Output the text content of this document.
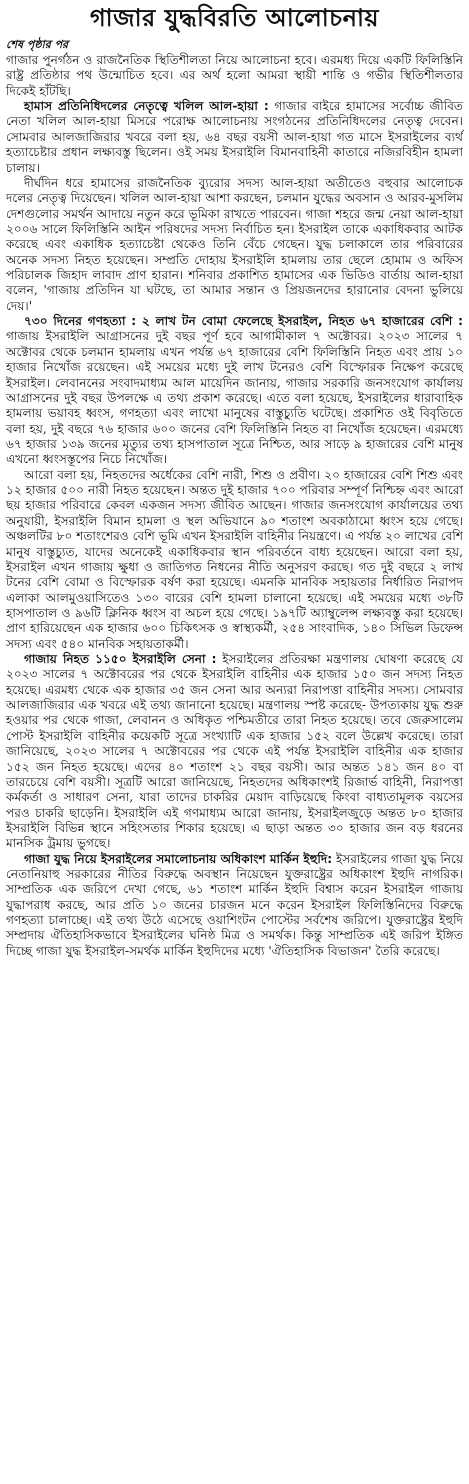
গাজার যুদ্ধবিরতি আলোচনায়
শেষ পৃষ্ঠার পর

গাজার পুনর্গঠন ও রাজনৈতিক স্থিতিশীলতা নিয়ে আলোচনা হবে। এরমধ্য দিয়ে একটি ফিলিস্তিনি রাষ্ট্র প্রতিষ্ঠার পথ উন্মোচিত হবে। এর অর্থ হলো আমরা স্থায়ী শান্তি ও গভীর স্থিতিশীলতার দিকেই হাঁটছি।

হামাস প্রতিনিধিদলের নেতৃত্বে খলিল আল-হায়া : গাজার বাইরে হামাসের সর্বোচ্চ জীবিত নেতা খলিল আল-হায়া মিসরে পরোক্ষ আলোচনায় সংগঠনের প্রতিনিধিদলের নেতৃত্ব দেবেন। সোমবার আলজাজিরার খবরে বলা হয়, ৬৪ বছর বয়সী আল-হায়া গত মাসে ইসরাইলের ব্যর্থ হত্যাচেষ্টার প্রধান লক্ষ্যবস্তু ছিলেন। ওই সময় ইসরাইলি বিমানবাহিনী কাতারে নজিরবিহীন হামলা চালায়।

দীর্ঘদিন ধরে হামাসের রাজনৈতিক ব্যুরোর সদস্য আল-হায়া অতীতেও বহুবার আলোচক দলের নেতৃত্ব দিয়েছেন। খলিল আল-হায়া আশা করছেন, চলমান যুদ্ধের অবসান ও আরব-মুসলিম দেশগুলোর সমর্থন আদায়ে নতুন করে ভূমিকা রাখতে পারবেন। গাজা শহরে জন্ম নেয়া আল-হায়া ২০০৬ সালে ফিলিস্তিনি আইন পরিষদের সদস্য নির্বাচিত হন। ইসরাইল তাকে একাধিকবার আটক করেছে এবং একাধিক হত্যাচেষ্টা থেকেও তিনি বেঁচে গেছেন। যুদ্ধ চলাকালে তার পরিবারের অনেক সদস্য নিহত হয়েছেন। সম্প্রতি দোহায় ইসরাইলি হামলায় তার ছেলে হোমাম ও অফিস পরিচালক জিহাদ লাবাদ প্রাণ হারান। শনিবার প্রকাশিত হামাসের এক ভিডিও বার্তায় আল-হায়া বলেন, 'গাজায় প্রতিদিন যা ঘটছে, তা আমার সন্তান ও প্রিয়জনদের হারানোর বেদনা ভুলিয়ে দেয়।'

৭৩০ দিনের গণহত্যা : ২ লাখ টন বোমা ফেলেছে ইসরাইল, নিহত ৬৭ হাজারের বেশি : গাজায় ইসরাইলি আগ্রাসনের দুই বছর পূর্ণ হবে আগামীকাল ৭ অক্টোবর। ২০২৩ সালের ৭ অক্টোবর থেকে চলমান হামলায় এখন পর্যন্ত ৬৭ হাজারের বেশি ফিলিস্তিনি নিহত এবং প্রায় ১০ হাজার নিখোঁজ রয়েছেন। এই সময়ের মধ্যে দুই লাখ টনেরও বেশি বিস্ফোরক নিক্ষেপ করেছে ইসরাইল। লেবাননের সংবাদমাধ্যম আল মায়েদিন জানায়, গাজার সরকারি জনসংযোগ কার্যালয় আগ্রাসনের দুই বছর উপলক্ষে এ তথ্য প্রকাশ করেছে। এতে বলা হয়েছে, ইসরাইলের ধারাবাহিক হামলায় ভয়াবহ ধ্বংস, গণহত্যা এবং লাখো মানুষের বাস্তুচ্যুতি ঘটেছে। প্রকাশিত ওই বিবৃতিতে বলা হয়, দুই বছরে ৭৬ হাজার ৬০০ জনের বেশি ফিলিস্তিনি নিহত বা নিখোঁজ হয়েছেন। এরমধ্যে ৬৭ হাজার ১৩৯ জনের মৃত্যুর তথ্য হাসপাতাল সূত্রে নিশ্চিত, আর সাড়ে ৯ হাজারের বেশি মানুষ এখনো ধ্বংসস্তূপের নিচে নিখোঁজ।

আরো বলা হয়, নিহতদের অর্ধেকের বেশি নারী, শিশু ও প্রবীণ। ২০ হাজারের বেশি শিশু এবং ১২ হাজার ৫০০ নারী নিহত হয়েছেন। অন্তত দুই হাজার ৭০০ পরিবার সম্পূর্ণ নিশ্চিহ্ন এবং আরো ছয় হাজার পরিবারে কেবল একজন সদস্য জীবিত আছেন। গাজার জনসংযোগ কার্যালয়ের তথ্য অনুযায়ী, ইসরাইলি বিমান হামলা ও স্থল অভিযানে ৯০ শতাংশ অবকাঠামো ধ্বংস হয়ে গেছে। অঞ্চলটির ৮০ শতাংশেরও বেশি ভূমি এখন ইসরাইলি বাহিনীর নিয়ন্ত্রণে। এ পর্যন্ত ২০ লাখের বেশি মানুষ বাস্তুচ্যুত, যাদের অনেকেই একাধিকবার স্থান পরিবর্তনে বাধ্য হয়েছেন। আরো বলা হয়, ইসরাইল এখন গাজায় ক্ষুধা ও জাতিগত নিধনের নীতি অনুসরণ করছে। গত দুই বছরে ২ লাখ টনের বেশি বোমা ও বিস্ফোরক বর্ষণ করা হয়েছে। এমনকি মানবিক সহায়তার নির্ধারিত নিরাপদ এলাকা আলমুওয়াসিতেও ১৩০ বারের বেশি হামলা চালানো হয়েছে। এই সময়ের মধ্যে ৩৮টি হাসপাতাল ও ৯৬টি ক্লিনিক ধ্বংস বা অচল হয়ে গেছে। ১৯৭টি অ্যাম্বুলেন্স লক্ষ্যবস্তু করা হয়েছে। প্রাণ হারিয়েছেন এক হাজার ৬০০ চিকিৎসক ও স্বাস্থ্যকর্মী, ২৫৪ সাংবাদিক, ১৪০ সিভিল ডিফেন্স সদস্য এবং ৫৪০ মানবিক সহায়তাকর্মী।

গাজায় নিহত ১১৫০ ইসরাইলি সেনা : ইসরাইলের প্রতিরক্ষা মন্ত্রণালয় ঘোষণা করেছে যে ২০২৩ সালের ৭ অক্টোবরের পর থেকে ইসরাইলি বাহিনীর এক হাজার ১৫০ জন সদস্য নিহত হয়েছে। এরমধ্য থেকে এক হাজার ৩৫ জন সেনা আর অন্যরা নিরাপত্তা বাহিনীর সদস্য। সোমবার আলজাজিরার এক খবরে এই তথ্য জানানো হয়েছে। মন্ত্রণালয় স্পষ্ট করেছে- উপত্যকায় যুদ্ধ শুরু হওয়ার পর থেকে গাজা, লেবানন ও অধিকৃত পশ্চিমতীরে তারা নিহত হয়েছে। তবে জেরুসালেম পোস্ট ইসরাইলি বাহিনীর কয়েকটি সূত্রে সংখ্যাটি এক হাজার ১৫২ বলে উল্লেখ করেছে। তারা জানিয়েছে, ২০২৩ সালের ৭ অক্টোবরের পর থেকে এই পর্যন্ত ইসরাইলি বাহিনীর এক হাজার ১৫২ জন নিহত হয়েছে। এদের ৪০ শতাংশ ২১ বছর বয়সী। আর অন্তত ১৪১ জন ৪০ বা তারচেয়ে বেশি বয়সী। সূত্রটি আরো জানিয়েছে, নিহতদের অধিকাংশই রিজার্ভ বাহিনী, নিরাপত্তা কর্মকর্তা ও সাধারণ সেনা, যারা তাদের চাকরির মেয়াদ বাড়িয়েছে কিংবা বাধ্যতামূলক বয়সের পরও চাকরি ছাড়েনি। ইসরাইলি এই গণমাধ্যম আরো জানায়, ইসরাইলজুড়ে অন্তত ৮০ হাজার ইসরাইলি বিভিন্ন স্থানে সহিংসতার শিকার হয়েছে। এ ছাড়া অন্তত ৩০ হাজার জন বড় ধরনের মানসিক ট্রমায় ভুগছে।

গাজা যুদ্ধ নিয়ে ইসরাইলের সমালোচনায় অধিকাংশ মার্কিন ইহুদি: ইসরাইলের গাজা যুদ্ধ নিয়ে নেতানিয়াহু সরকারের নীতির বিরুদ্ধে অবস্থান নিয়েছেন যুক্তরাষ্ট্রের অধিকাংশ ইহুদি নাগরিক। সাম্প্রতিক এক জরিপে দেখা গেছে, ৬১ শতাংশ মার্কিন ইহুদি বিশ্বাস করেন ইসরাইল গাজায় যুদ্ধাপরাধ করছে, আর প্রতি ১০ জনের চারজন মনে করেন ইসরাইল ফিলিস্তিনিদের বিরুদ্ধে গণহত্যা চালাচ্ছে। এই তথ্য উঠে এসেছে ওয়াশিংটন পোস্টের সর্বশেষ জরিপে। যুক্তরাষ্ট্রের ইহুদি সম্প্রদায় ঐতিহাসিকভাবে ইসরাইলের ঘনিষ্ঠ মিত্র ও সমর্থক। কিন্তু সাম্প্রতিক এই জরিপ ইঙ্গিত দিচ্ছে গাজা যুদ্ধ ইসরাইল-সমর্থক মার্কিন ইহুদিদের মধ্যে 'ঐতিহাসিক বিভাজন' তৈরি করেছে।
